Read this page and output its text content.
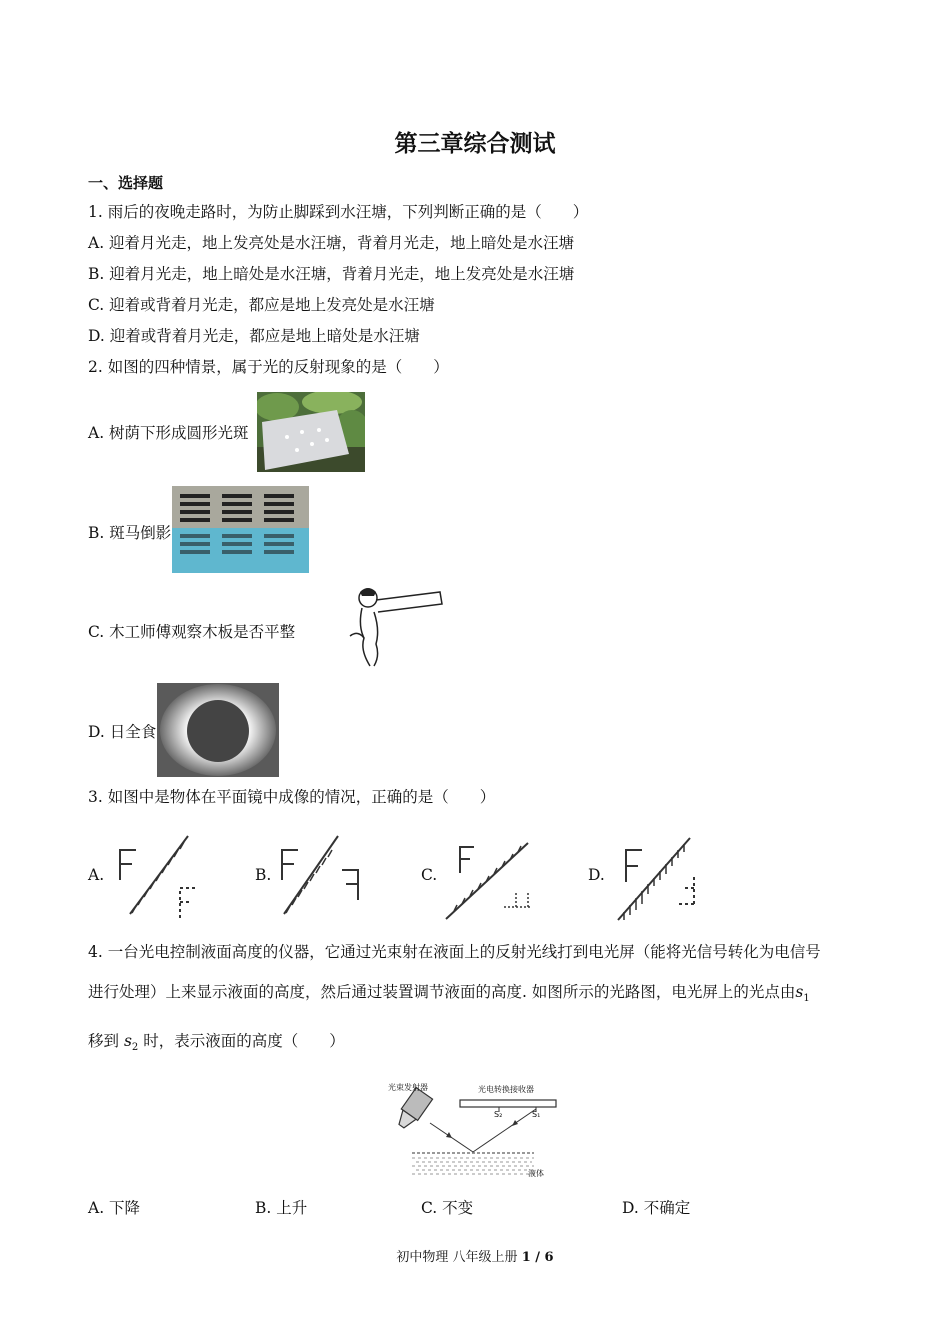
第三章综合测试
一、选择题
1. 雨后的夜晚走路时，为防止脚踩到水汪塘，下列判断正确的是（　　）
A. 迎着月光走，地上发亮处是水汪塘，背着月光走，地上暗处是水汪塘
B. 迎着月光走，地上暗处是水汪塘，背着月光走，地上发亮处是水汪塘
C. 迎着或背着月光走，都应是地上发亮处是水汪塘
D. 迎着或背着月光走，都应是地上暗处是水汪塘
2. 如图的四种情景，属于光的反射现象的是（　　）
A. 树荫下形成圆形光斑
B. 斑马倒影
C. 木工师傅观察木板是否平整
D. 日全食
3. 如图中是物体在平面镜中成像的情况，正确的是（　　）
A.	B.	C.	D.
4. 一台光电控制液面高度的仪器，它通过光束射在液面上的反射光线打到电光屏（能将光信号转化为电信号
进行处理）上来显示液面的高度，然后通过装置调节液面的高度. 如图所示的光路图，电光屏上的光点由$s_1$
移到 $s_2$ 时，表示液面的高度（　　）
光束发射器	光电转换接收器
S₂	S₁
液体
A. 下降	B. 上升	C. 不变	D. 不确定
初中物理 八年级上册 1 / 6
